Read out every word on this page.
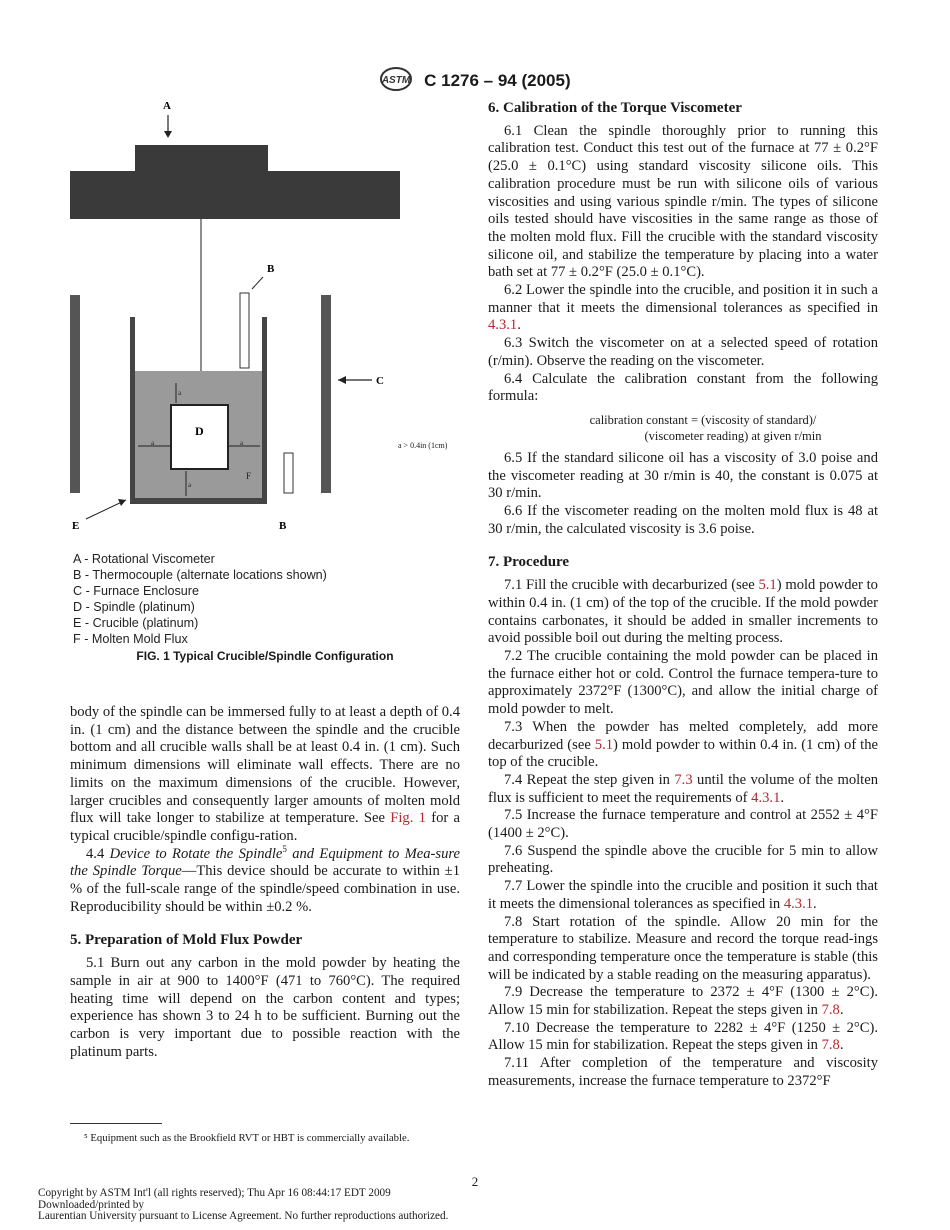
ASTM C 1276 – 94 (2005)
A
B
C
D
a	a
a
a
F
a > 0.4in (1cm)
B
E
A - Rotational Viscometer
B - Thermocouple (alternate locations shown)
C - Furnace Enclosure
D - Spindle (platinum)
E - Crucible (platinum)
F - Molten Mold Flux
FIG. 1 Typical Crucible/Spindle Configuration

body of the spindle can be immersed fully to at least a depth of 0.4 in. (1 cm) and the distance between the spindle and the crucible bottom and all crucible walls shall be at least 0.4 in. (1 cm). Such minimum dimensions will eliminate wall effects. There are no limits on the maximum dimensions of the crucible. However, larger crucibles and consequently larger amounts of molten mold flux will take longer to stabilize at temperature. See Fig. 1 for a typical crucible/spindle configu-ration.

4.4 Device to Rotate the Spindle$^5$ and Equipment to Mea-sure the Spindle Torque—This device should be accurate to within ±1 % of the full-scale range of the spindle/speed combination in use. Reproducibility should be within ±0.2 %.

5. Preparation of Mold Flux Powder

5.1 Burn out any carbon in the mold powder by heating the sample in air at 900 to 1400°F (471 to 760°C). The required heating time will depend on the carbon content and types; experience has shown 3 to 24 h to be sufficient. Burning out the carbon is very important due to possible reaction with the platinum parts.

⁵ Equipment such as the Brookfield RVT or HBT is commercially available.
6. Calibration of the Torque Viscometer

6.1 Clean the spindle thoroughly prior to running this calibration test. Conduct this test out of the furnace at 77 ± 0.2°F (25.0 ± 0.1°C) using standard viscosity silicone oils. This calibration procedure must be run with silicone oils of various viscosities and using various spindle r/min. The types of silicone oils tested should have viscosities in the same range as those of the molten mold flux. Fill the crucible with the standard viscosity silicone oil, and stabilize the temperature by placing into a water bath set at 77 ± 0.2°F (25.0 ± 0.1°C).

6.2 Lower the spindle into the crucible, and position it in such a manner that it meets the dimensional tolerances as specified in 4.3.1.

6.3 Switch the viscometer on at a selected speed of rotation (r/min). Observe the reading on the viscometer.

6.4 Calculate the calibration constant from the following formula:

calibration constant = (viscosity of standard)/
(viscometer reading) at given r/min

6.5 If the standard silicone oil has a viscosity of 3.0 poise and the viscometer reading at 30 r/min is 40, the constant is 0.075 at 30 r/min.

6.6 If the viscometer reading on the molten mold flux is 48 at 30 r/min, the calculated viscosity is 3.6 poise.

7. Procedure

7.1 Fill the crucible with decarburized (see 5.1) mold powder to within 0.4 in. (1 cm) of the top of the crucible. If the mold powder contains carbonates, it should be added in smaller increments to avoid possible boil out during the melting process.

7.2 The crucible containing the mold powder can be placed in the furnace either hot or cold. Control the furnace tempera-ture to approximately 2372°F (1300°C), and allow the initial charge of mold powder to melt.

7.3 When the powder has melted completely, add more decarburized (see 5.1) mold powder to within 0.4 in. (1 cm) of the top of the crucible.

7.4 Repeat the step given in 7.3 until the volume of the molten flux is sufficient to meet the requirements of 4.3.1.

7.5 Increase the furnace temperature and control at 2552 ± 4°F (1400 ± 2°C).

7.6 Suspend the spindle above the crucible for 5 min to allow preheating.

7.7 Lower the spindle into the crucible and position it such that it meets the dimensional tolerances as specified in 4.3.1.

7.8 Start rotation of the spindle. Allow 20 min for the temperature to stabilize. Measure and record the torque read-ings and corresponding temperature once the temperature is stable (this will be indicated by a stable reading on the measuring apparatus).

7.9 Decrease the temperature to 2372 ± 4°F (1300 ± 2°C). Allow 15 min for stabilization. Repeat the steps given in 7.8.

7.10 Decrease the temperature to 2282 ± 4°F (1250 ± 2°C). Allow 15 min for stabilization. Repeat the steps given in 7.8.

7.11 After completion of the temperature and viscosity measurements, increase the furnace temperature to 2372°F

2
Copyright by ASTM Int'l (all rights reserved); Thu Apr 16 08:44:17 EDT 2009
Downloaded/printed by
Laurentian University pursuant to License Agreement. No further reproductions authorized.
